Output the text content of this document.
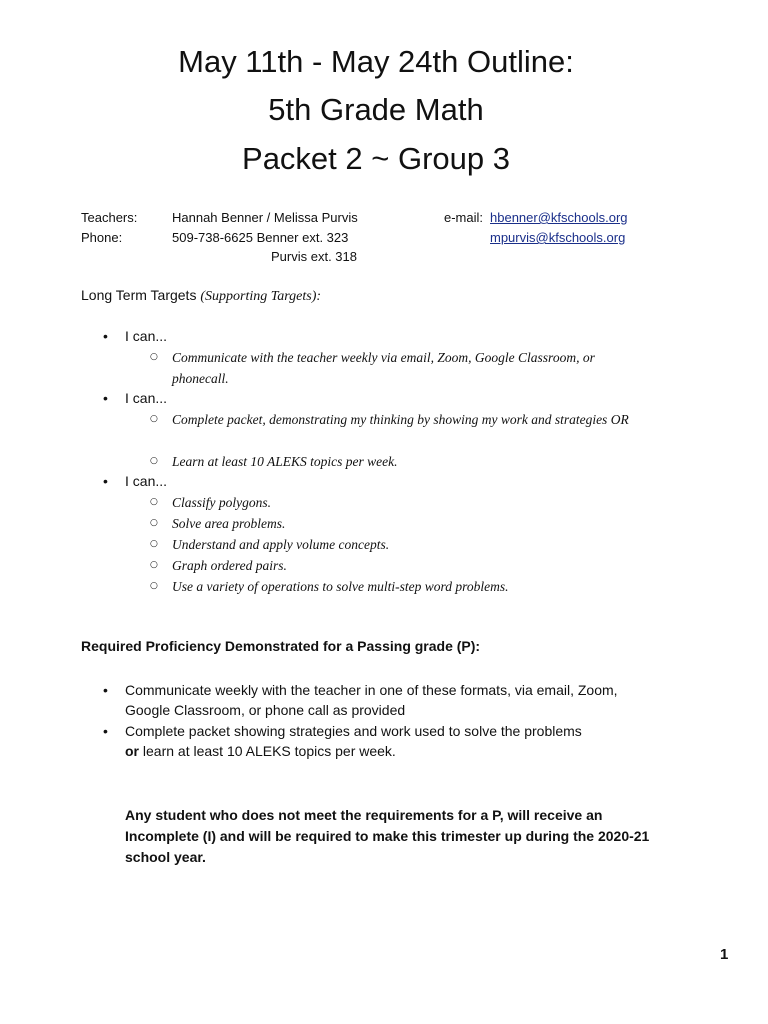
May 11th - May 24th Outline:
5th Grade Math
Packet 2 ~ Group 3
Teachers:	Hannah Benner / Melissa Purvis
Phone:	509-738-6625 Benner ext. 323
Purvis ext. 318
e-mail: hbenner@kfschools.org
mpurvis@kfschools.org
Long Term Targets (Supporting Targets):
• I can...
○ Communicate with the teacher weekly via email, Zoom, Google Classroom, or phonecall.
• I can...
○ Complete packet, demonstrating my thinking by showing my work and strategies OR
○ Learn at least 10 ALEKS topics per week.
• I can...
○ Classify polygons.
○ Solve area problems.
○ Understand and apply volume concepts.
○ Graph ordered pairs.
○ Use a variety of operations to solve multi-step word problems.
Required Proficiency Demonstrated for a Passing grade (P):
• Communicate weekly with the teacher in one of these formats, via email, Zoom, Google Classroom, or phone call as provided
• Complete packet showing strategies and work used to solve the problems
or learn at least 10 ALEKS topics per week.
Any student who does not meet the requirements for a P, will receive an Incomplete (I) and will be required to make this trimester up during the 2020-21 school year.
1
